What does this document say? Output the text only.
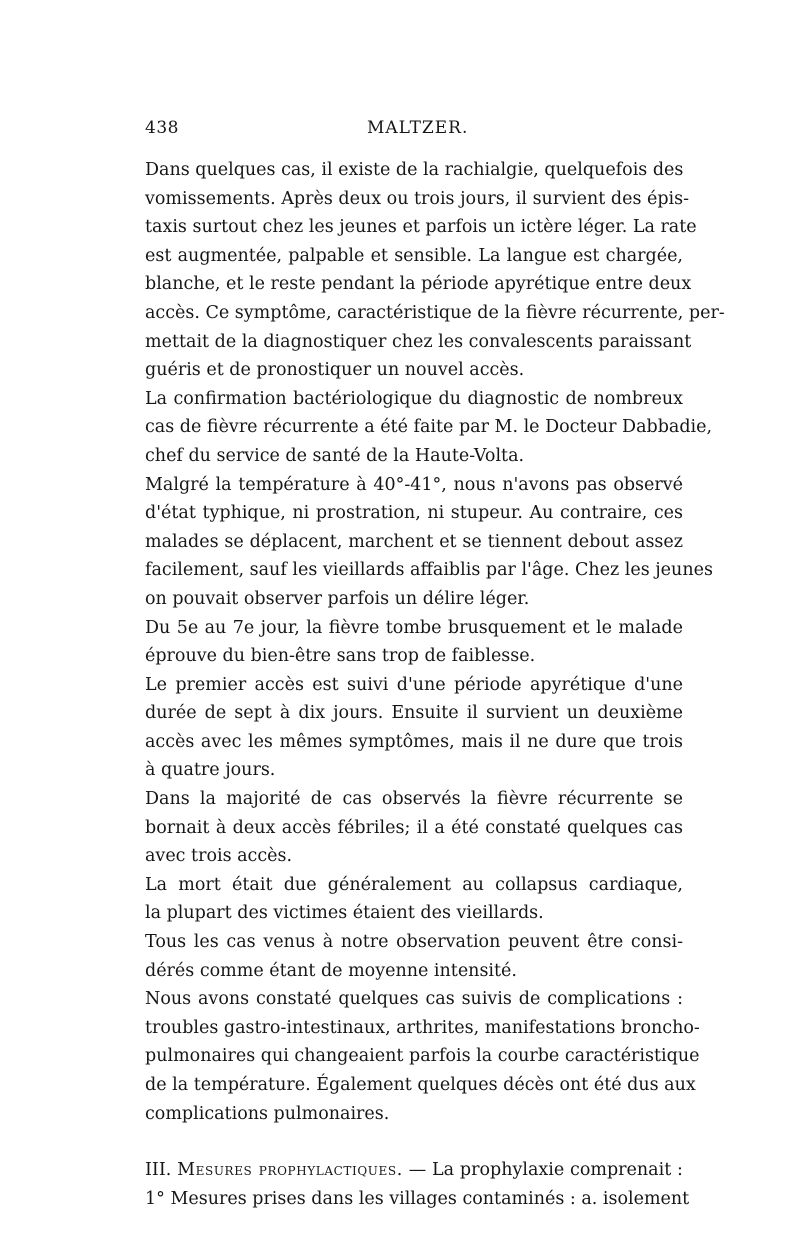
438	MALTZER.

Dans quelques cas, il existe de la rachialgie, quelquefois des
vomissements. Après deux ou trois jours, il survient des épis-
taxis surtout chez les jeunes et parfois un ictère léger. La rate
est augmentée, palpable et sensible. La langue est chargée,
blanche, et le reste pendant la période apyrétique entre deux
accès. Ce symptôme, caractéristique de la fièvre récurrente, per-
mettait de la diagnostiquer chez les convalescents paraissant
guéris et de pronostiquer un nouvel accès.

La confirmation bactériologique du diagnostic de nombreux
cas de fièvre récurrente a été faite par M. le Docteur Dabbadie,
chef du service de santé de la Haute-Volta.

Malgré la température à 40°-41°, nous n'avons pas observé
d'état typhique, ni prostration, ni stupeur. Au contraire, ces
malades se déplacent, marchent et se tiennent debout assez
facilement, sauf les vieillards affaiblis par l'âge. Chez les jeunes
on pouvait observer parfois un délire léger.

Du 5e au 7e jour, la fièvre tombe brusquement et le malade
éprouve du bien-être sans trop de faiblesse.

Le premier accès est suivi d'une période apyrétique d'une
durée de sept à dix jours. Ensuite il survient un deuxième
accès avec les mêmes symptômes, mais il ne dure que trois
à quatre jours.

Dans la majorité de cas observés la fièvre récurrente se
bornait à deux accès fébriles; il a été constaté quelques cas
avec trois accès.

La mort était due généralement au collapsus cardiaque,
la plupart des victimes étaient des vieillards.

Tous les cas venus à notre observation peuvent être consi-
dérés comme étant de moyenne intensité.

Nous avons constaté quelques cas suivis de complications :
troubles gastro-intestinaux, arthrites, manifestations broncho-
pulmonaires qui changeaient parfois la courbe caractéristique
de la température. Également quelques décès ont été dus aux
complications pulmonaires.

III. Mesures prophylactiques. — La prophylaxie comprenait :
1° Mesures prises dans les villages contaminés : a. isolement
